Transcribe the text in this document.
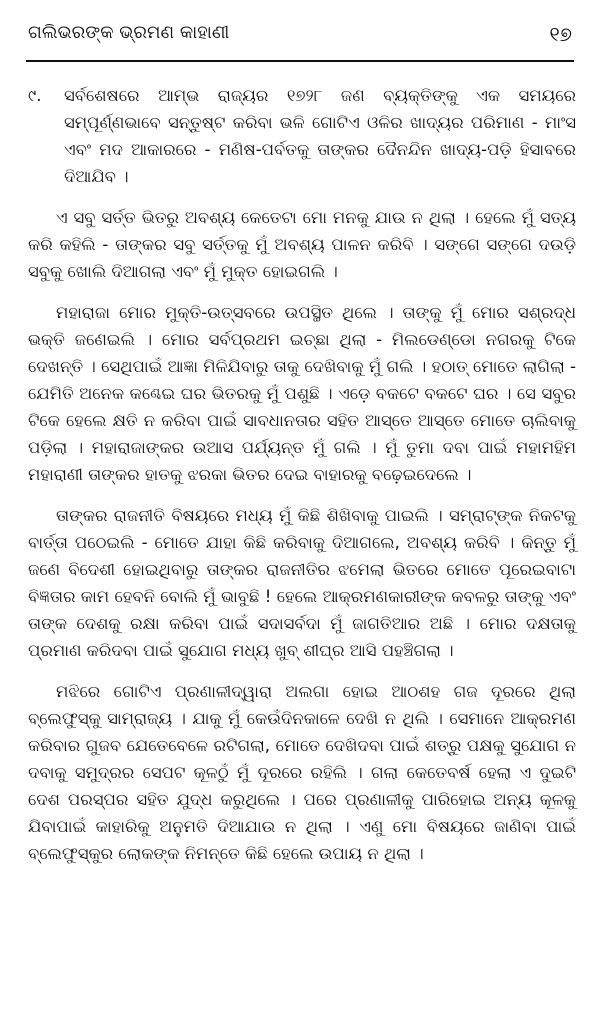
ଗଲିଭରଙ୍କ ଭ୍ରମଣ କାହାଣୀ	୧୭
୯.	ସର୍ବଶେଷରେ ଆମ୍ଭ ରାଜ୍ୟର ୧୭୨୮ ଜଣ ବ୍ୟକ୍ତିଙ୍କୁ ଏକ ସମୟରେ ସମ୍ପୂର୍ଣ୍ଣଭାବେ ସନ୍ତୁଷ୍ଟ କରିବା ଭଳି ଗୋଟିଏ ଓଳିର ଖାଦ୍ୟର ପରିମାଣ - ମାଂସ ଏବଂ ମଦ ଆକାରରେ - ମଣିଷ-ପର୍ବତକୁ ତାଙ୍କର ଦୈନନ୍ଦିନ ଖାଦ୍ୟ-ପଡ଼ି ହିସାବରେ ଦିଆଯିବ ।

ଏ ସବୁ ସର୍ତ୍ତ ଭିତରୁ ଅବଶ୍ୟ କେତେଟା ମୋ ମନକୁ ଯାଉ ନ ଥିଲା । ହେଲେ ମୁଁ ସତ୍ୟ କରି କହିଲି - ତାଙ୍କର ସବୁ ସର୍ତ୍ତକୁ ମୁଁ ଅବଶ୍ୟ ପାଳନ କରିବି । ସଙ୍ଗେ ସଙ୍ଗେ ଦଉଡ଼ି ସବୁକୁ ଖୋଲି ଦିଆଗଲା ଏବଂ ମୁଁ ମୁକ୍ତ ହୋଇଗଲି ।

ମହାରାଜା ମୋର ମୁକ୍ତି-ଉତ୍ସବରେ ଉପସ୍ଥିତ ଥିଲେ । ତାଙ୍କୁ ମୁଁ ମୋର ସଶ୍ରଦ୍ଧ ଭକ୍ତି ଜଣେଇଲି । ମୋର ସର୍ବପ୍ରଥମ ଇଚ୍ଛା ଥିଲା - ମିଲଡେଣ୍ଡୋ ନଗରକୁ ଟିକେ ଦେଖନ୍ତି । ସେଥିପାଇଁ ଆଜ୍ଞା ମିଳିଯିବାରୁ ତାକୁ ଦେଖିବାକୁ ମୁଁ ଗଲି । ହଠାତ୍ ମୋତେ ଲାଗିଲା - ଯେମିତି ଅନେକ କଣ୍ଢେଇ ଘର ଭିତରକୁ ମୁଁ ପଶୁଛି । ଏଡ଼େ ବକଟେ ବକଟେ ଘର । ସେ ସବୁର ଟିକେ ହେଲେ କ୍ଷତି ନ କରିବା ପାଇଁ ସାବଧାନତାର ସହିତ ଆସ୍ତେ ଆସ୍ତେ ମୋତେ ଚାଲିବାକୁ ପଡ଼ିଲା । ମହାରାଜାଙ୍କର ଉଆସ ପର୍ଯ୍ୟନ୍ତ ମୁଁ ଗଲି । ମୁଁ ତୁମା ଦବା ପାଇଁ ମହାମହିମ ମହାରାଣୀ ତାଙ୍କର ହାତକୁ ଝରକା ଭିତର ଦେଇ ବାହାରକୁ ବଢ଼େଇଦେଲେ ।

ତାଙ୍କର ରାଜନୀତି ବିଷୟରେ ମଧ୍ୟ ମୁଁ କିଛି ଶିଖିବାକୁ ପାଇଲି । ସମ୍ରାଟ୍ଙ୍କ ନିକଟକୁ ବାର୍ତ୍ତା ପଠେଇଲି - ମୋତେ ଯାହା କିଛି କରିବାକୁ ଦିଆଗଲେ, ଅବଶ୍ୟ କରିବି । କିନ୍ତୁ ମୁଁ ଜଣେ ବିଦେଶୀ ହୋଇଥିବାରୁ ତାଙ୍କର ରାଜନୀତିର ଝମେଲା ଭିତରେ ମୋତେ ପୂରେଇବାଟା ବିଜ୍ଞତାର କାମ ହେବନି ବୋଲି ମୁଁ ଭାବୁଛି ! ହେଲେ ଆକ୍ରମଣକାରୀଙ୍କ କବଳରୁ ତାଙ୍କୁ ଏବଂ ତାଙ୍କ ଦେଶକୁ ରକ୍ଷା କରିବା ପାଇଁ ସଦାସର୍ବଦା ମୁଁ ଜାଗତିଆର ଅଛି । ମୋର ଦକ୍ଷତାକୁ ପ୍ରମାଣ କରିଦବା ପାଇଁ ସୁଯୋଗ ମଧ୍ୟ ଖୁବ୍ ଶୀଘ୍ର ଆସି ପହଞ୍ଚିଗଲା ।

ମଝିରେ ଗୋଟିଏ ପ୍ରଣାଳୀଦ୍ୱାରା ଅଲଗା ହୋଇ ଆଠଶହ ଗଜ ଦୂରରେ ଥିଲା ବ୍ଲେଫୁସ୍କୁ ସାମ୍ରାଜ୍ୟ । ଯାକୁ ମୁଁ କେଉଁଦିନକାଳେ ଦେଖି ନ ଥିଲି । ସେମାନେ ଆକ୍ରମଣ କରିବାର ଗୁଜବ ଯେତେବେଳେ ରଟିଗଲା, ମୋତେ ଦେଖିଦବା ପାଇଁ ଶତ୍ରୁ ପକ୍ଷକୁ ସୁଯୋଗ ନ ଦବାକୁ ସମୁଦ୍ରର ସେପଟ କୂଳଠୁଁ ମୁଁ ଦୂରରେ ରହିଲି । ଗଲା କେତେବର୍ଷ ହେଲା ଏ ଦୁଇଟି ଦେଶ ପରସ୍ପର ସହିତ ଯୁଦ୍ଧ କରୁଥିଲେ । ପରେ ପ୍ରଣାଳୀକୁ ପାରିହୋଇ ଅନ୍ୟ କୂଳକୁ ଯିବାପାଇଁ କାହାରିକୁ ଅନୁମତି ଦିଆଯାଉ ନ ଥିଲା । ଏଣୁ ମୋ ବିଷୟରେ ଜାଣିବା ପାଇଁ ବ୍ଲେଫୁସ୍କୁର ଲୋକଙ୍କ ନିମନ୍ତେ କିଛି ହେଲେ ଉପାୟ ନ ଥିଲା ।
